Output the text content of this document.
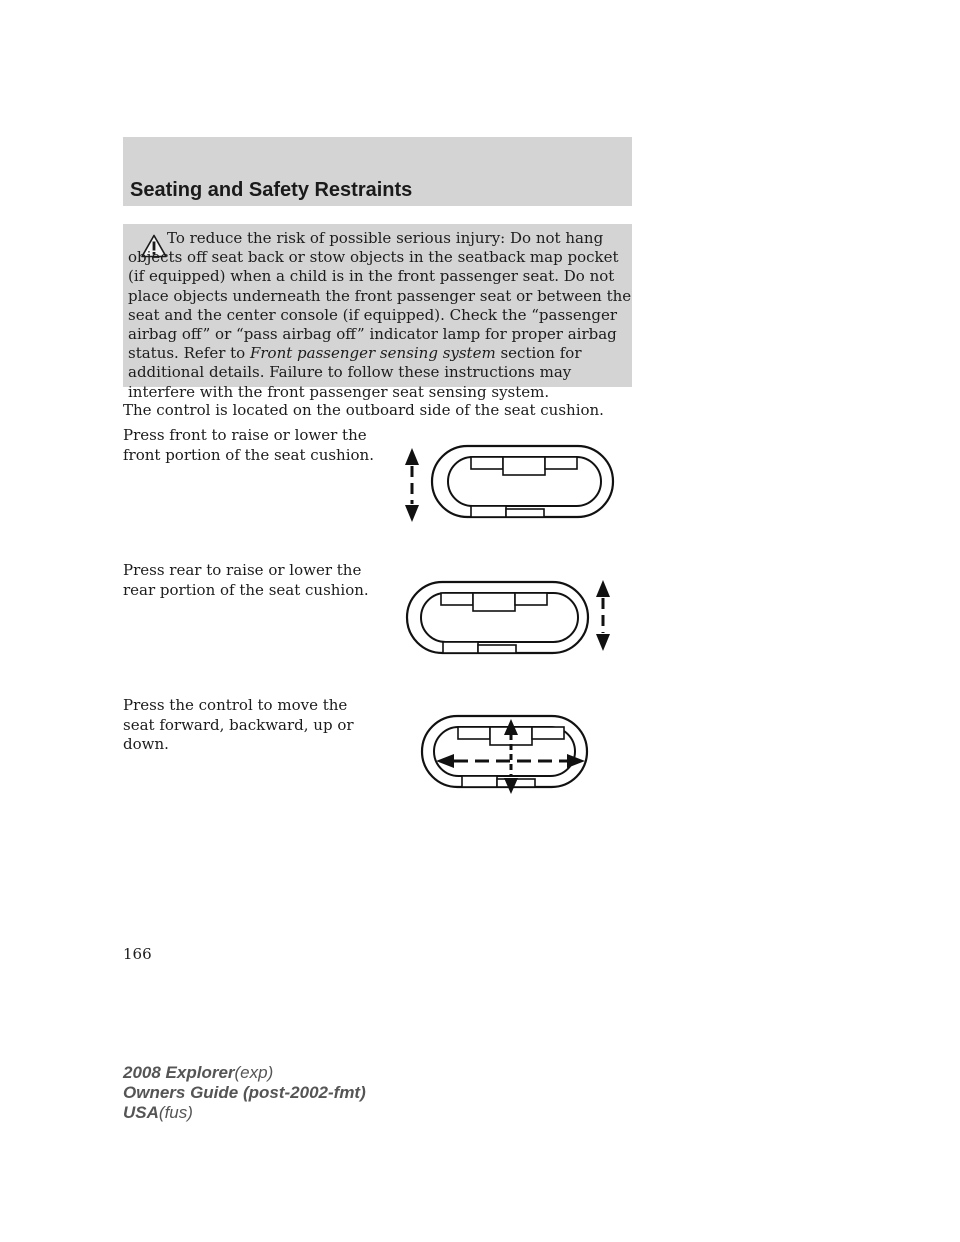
Seating and Safety Restraints

To reduce the risk of possible serious injury: Do not hang objects off seat back or stow objects in the seatback map pocket (if equipped) when a child is in the front passenger seat. Do not place objects underneath the front passenger seat or between the seat and the center console (if equipped). Check the “passenger airbag off” or “pass airbag off” indicator lamp for proper airbag status. Refer to Front passenger sensing system section for additional details. Failure to follow these instructions may interfere with the front passenger seat sensing system.

The control is located on the outboard side of the seat cushion.

Press front to raise or lower the front portion of the seat cushion.

Press rear to raise or lower the rear portion of the seat cushion.

Press the control to move the seat forward, backward, up or down.

166

2008 Explorer(exp)
Owners Guide (post-2002-fmt)
USA(fus)
